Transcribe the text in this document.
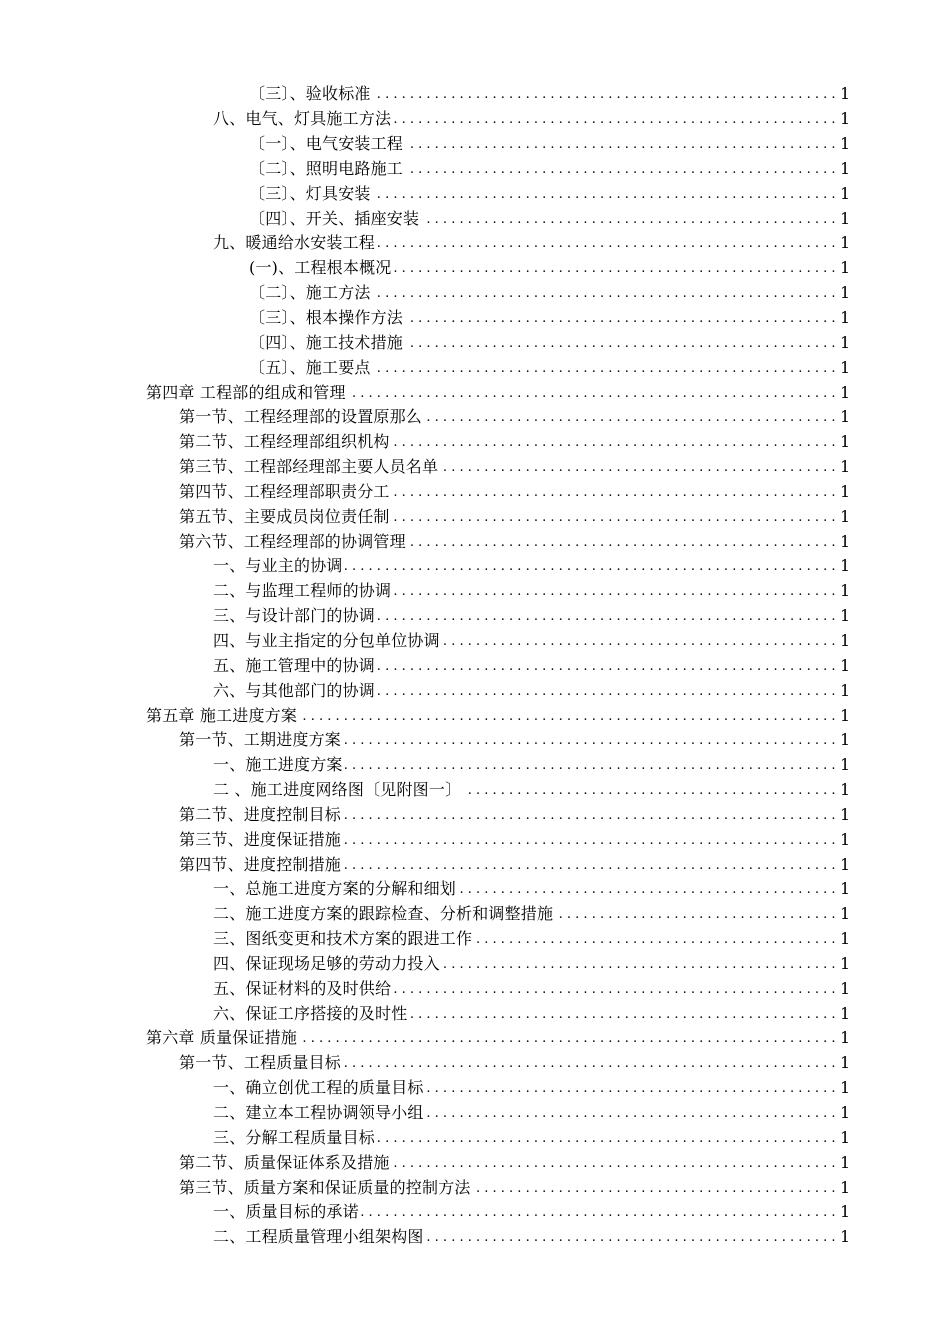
〔三〕、验收标准 . . .	1
八、电气、灯具施工方法 . . .	1
〔一〕、电气安装工程 . . .	1
〔二〕、照明电路施工 . . .	1
〔三〕、灯具安装 . . .	1
〔四〕、开关、插座安装 . . .	1
九、暖通给水安装工程 . . .	1
(一)、工程根本概况 . . .	1
〔二〕、施工方法 . . .	1
〔三〕、根本操作方法 . . .	1
〔四〕、施工技术措施 . . .	1
〔五〕、施工要点 . . .	1
第四章 工程部的组成和管理 . . .	1
第一节、工程经理部的设置原那么 . . .	1
第二节、工程经理部组织机构 . . .	1
第三节、工程部经理部主要人员名单 . . .	1
第四节、工程经理部职责分工 . . .	1
第五节、主要成员岗位责任制 . . .	1
第六节、工程经理部的协调管理 . . .	1
一、与业主的协调 . . .	1
二、与监理工程师的协调 . . .	1
三、与设计部门的协调 . . .	1
四、与业主指定的分包单位协调 . . .	1
五、施工管理中的协调 . . .	1
六、与其他部门的协调 . . .	1
第五章 施工进度方案 . . .	1
第一节、工期进度方案 . . .	1
一、施工进度方案 . . .	1
二 、施工进度网络图〔见附图一〕 . . .	1
第二节、进度控制目标 . . .	1
第三节、进度保证措施 . . .	1
第四节、进度控制措施 . . .	1
一、总施工进度方案的分解和细划 . . .	1
二、施工进度方案的跟踪检查、分析和调整措施 . . .	1
三、图纸变更和技术方案的跟进工作 . . .	1
四、保证现场足够的劳动力投入 . . .	1
五、保证材料的及时供给 . . .	1
六、保证工序搭接的及时性 . . .	1
第六章 质量保证措施 . . .	1
第一节、工程质量目标 . . .	1
一、确立创优工程的质量目标 . . .	1
二、建立本工程协调领导小组 . . .	1
三、分解工程质量目标 . . .	1
第二节、质量保证体系及措施 . . .	1
第三节、质量方案和保证质量的控制方法 . . .	1
一、质量目标的承诺 . . .	1
二、工程质量管理小组架构图 . . .	1
